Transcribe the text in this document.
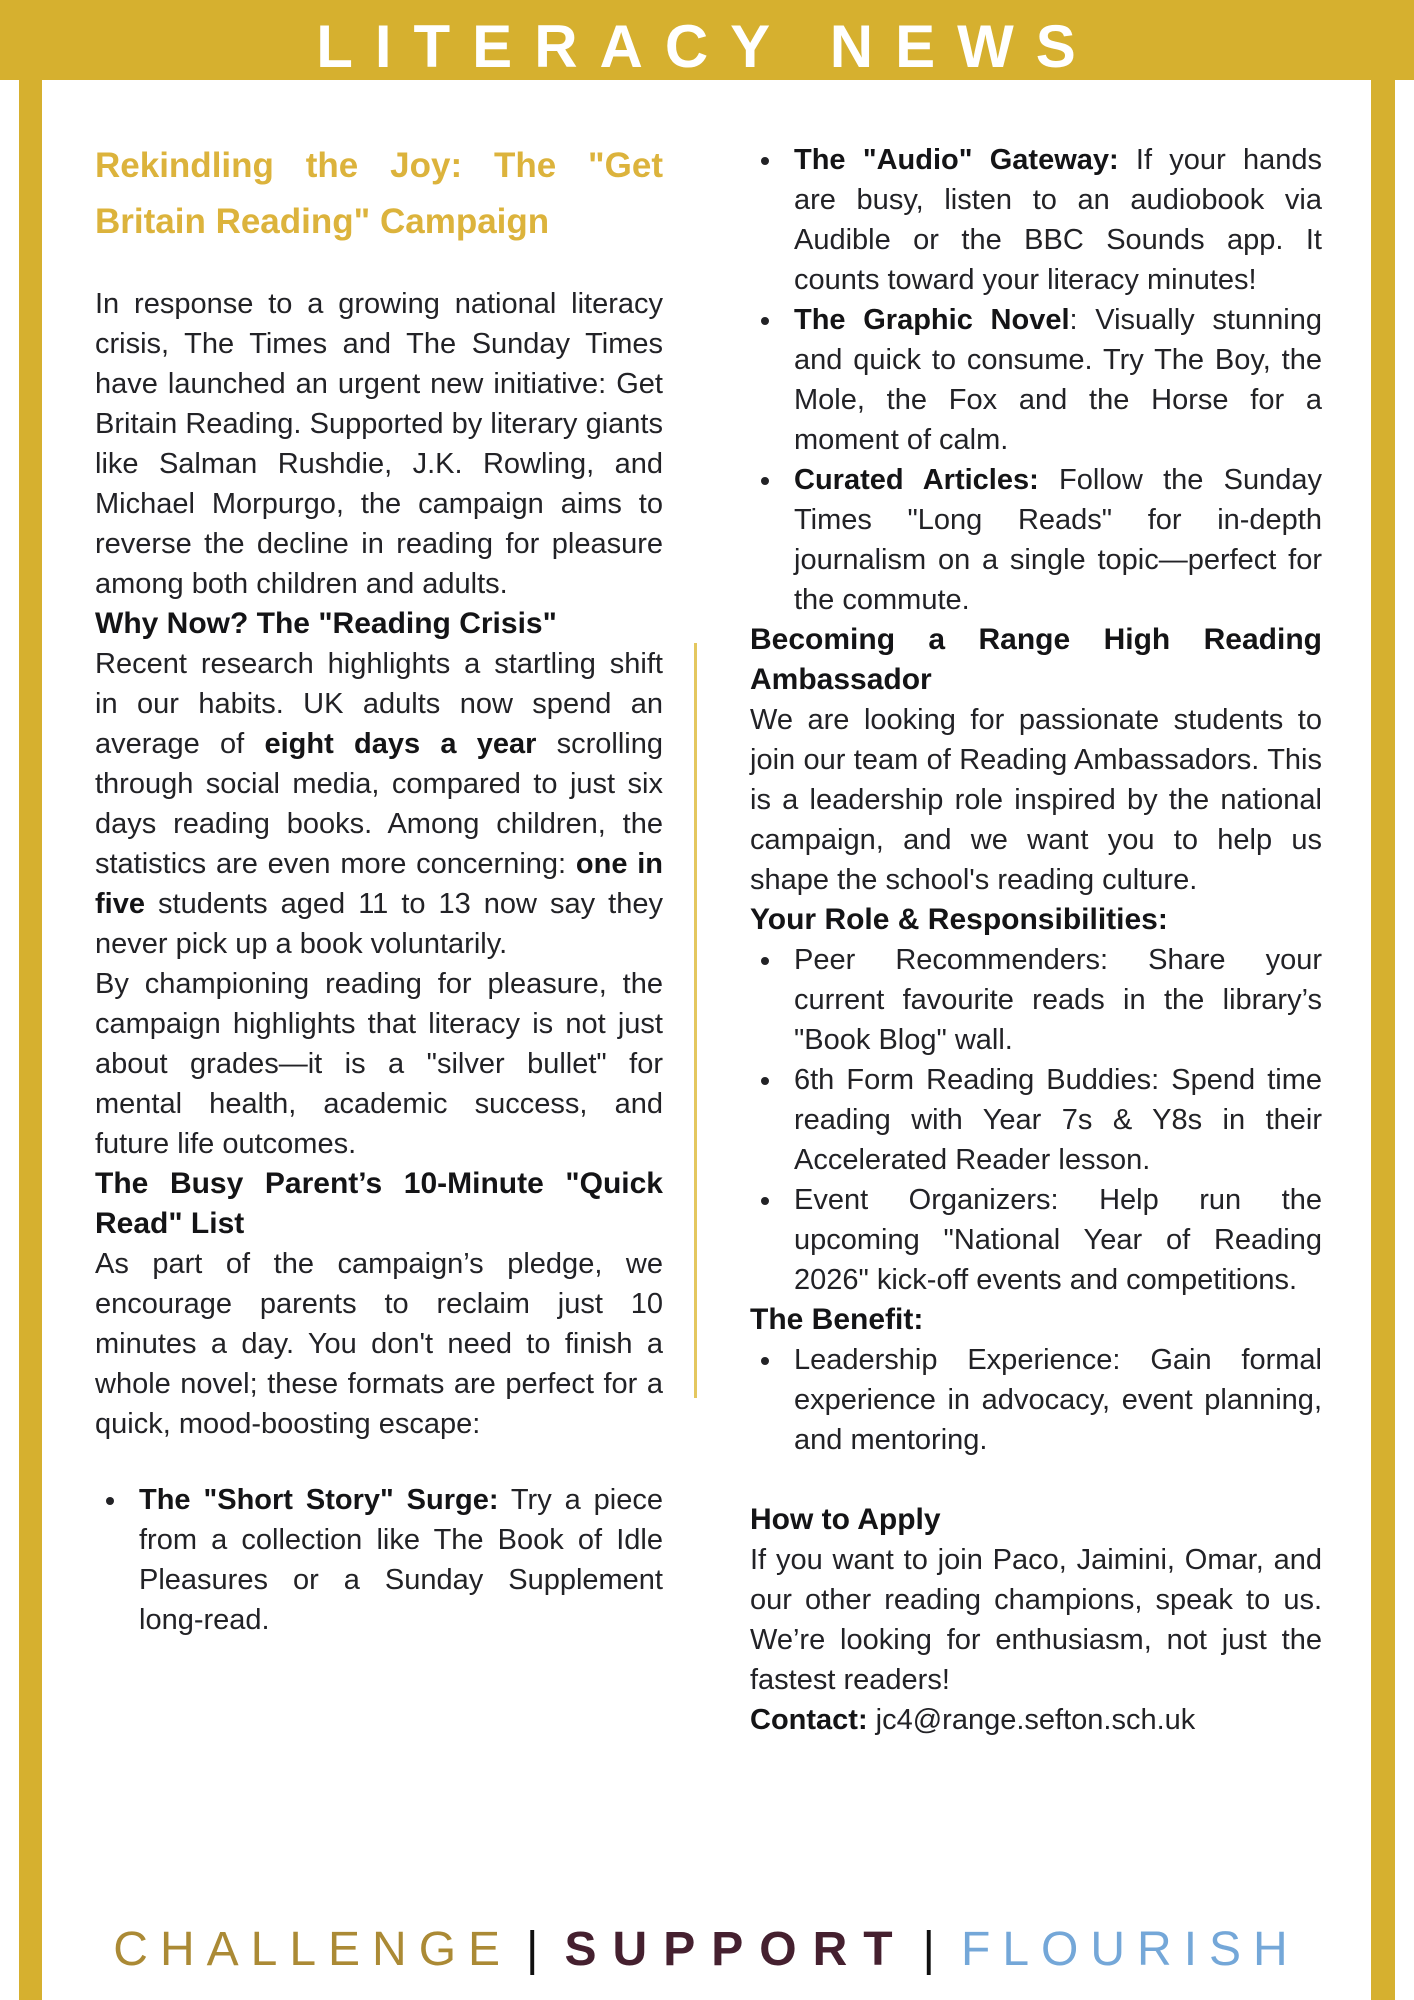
LITERACY NEWS
Rekindling the Joy: The "Get Britain Reading" Campaign

In response to a growing national literacy crisis, The Times and The Sunday Times have launched an urgent new initiative: Get Britain Reading. Supported by literary giants like Salman Rushdie, J.K. Rowling, and Michael Morpurgo, the campaign aims to reverse the decline in reading for pleasure among both children and adults.

Why Now? The "Reading Crisis"

Recent research highlights a startling shift in our habits. UK adults now spend an average of eight days a year scrolling through social media, compared to just six days reading books. Among children, the statistics are even more concerning: one in five students aged 11 to 13 now say they never pick up a book voluntarily.

By championing reading for pleasure, the campaign highlights that literacy is not just about grades—it is a "silver bullet" for mental health, academic success, and future life outcomes.

The Busy Parent’s 10-Minute "Quick Read" List

As part of the campaign’s pledge, we encourage parents to reclaim just 10 minutes a day. You don't need to finish a whole novel; these formats are perfect for a quick, mood-boosting escape:

• The "Short Story" Surge: Try a piece from a collection like The Book of Idle Pleasures or a Sunday Supplement long-read.
• The "Audio" Gateway: If your hands are busy, listen to an audiobook via Audible or the BBC Sounds app. It counts toward your literacy minutes!
• The Graphic Novel: Visually stunning and quick to consume. Try The Boy, the Mole, the Fox and the Horse for a moment of calm.
• Curated Articles: Follow the Sunday Times "Long Reads" for in-depth journalism on a single topic—perfect for the commute.
Becoming a Range High Reading Ambassador

We are looking for passionate students to join our team of Reading Ambassadors. This is a leadership role inspired by the national campaign, and we want you to help us shape the school's reading culture.

Your Role & Responsibilities:
• Peer Recommenders: Share your current favourite reads in the library’s "Book Blog" wall.
• 6th Form Reading Buddies: Spend time reading with Year 7s & Y8s in their Accelerated Reader lesson.
• Event Organizers: Help run the upcoming "National Year of Reading 2026" kick-off events and competitions.
The Benefit:
• Leadership Experience: Gain formal experience in advocacy, event planning, and mentoring.
How to Apply

If you want to join Paco, Jaimini, Omar, and our other reading champions, speak to us. We’re looking for enthusiasm, not just the fastest readers!

Contact: jc4@range.sefton.sch.uk

CHALLENGE | SUPPORT | FLOURISH
